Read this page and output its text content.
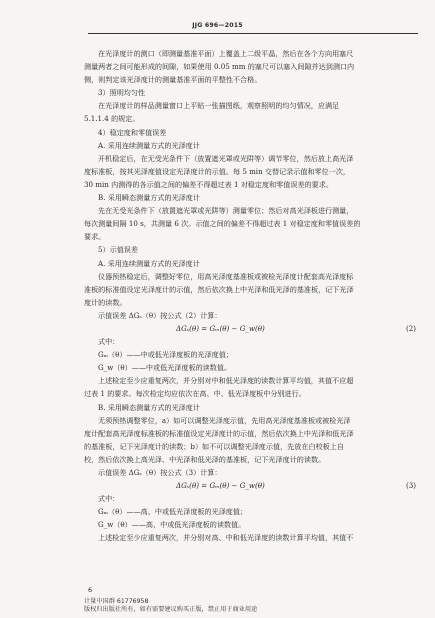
JJG 696—2015

在光泽度计的测口（即测量基准平面）上覆盖上二级平晶，然后在各个方向用塞尺

测量两者之间可能形成的间隙，如果使用 0.05 mm 的塞尺可以塞入间隙并达到测口内

侧，则判定该光泽度计的测量基准平面的平整性不合格。

3）照明均匀性

在光泽度计的样品测量窗口上平贴一张描图纸，观察照明的均匀情况，应满足

5.1.1.4 的规定。

4）稳定度和零值误差

A. 采用连续测量方式的光泽度计

开机稳定后，在无受光条件下（放置遮光罩或光阱等）调节零位，然后放上高光泽

度标准板，按其光泽度值设定光泽度计的示值。每 5 min 交替记录示值和零位一次，

30 min 内测得的各示值之间的偏差不得超过表 1 对稳定度和零值误差的要求。

B. 采用瞬态测量方式的光泽度计

先在无受光条件下（放置遮光罩或光阱等）测量零位；然后对高光泽板进行测量，

每次测量间隔 10 s，共测量 6 次。示值之间的偏差不得超过表 1 对稳定度和零值误差的

要求。

5）示值误差

A. 采用连续测量方式的光泽度计

仪器预热稳定后，调整好零位，用高光泽度基准板或被检光泽度计配套高光泽度标

准板的标准值设定光泽度计的示值，然后依次换上中光泽和低光泽的基准板，记下光泽

度计的读数。

示值误差 ΔGₛ（θ）按公式（2）计算：

ΔGₛ(θ) = Gₘ(θ) − G_w(θ)	(2)

式中：

Gₘ（θ）——中或低光泽度板的光泽度值；

G_w（θ）——中或低光泽度板的读数值。

上述检定至少应重复两次，并分别对中和低光泽度的读数计算平均值，其值不应超

过表 1 的要求。每次检定均应依次在高、中、低光泽度板中分别进行。

B. 采用瞬态测量方式的光泽度计

无须预热调整零位，a）如可以调整光泽度示值，先用高光泽度基准板或被检光泽

度计配套高光泽度标准板的标准值设定光泽度计的示值，然后依次换上中光泽和低光泽

的基准板，记下光泽度计的读数；b）如不可以调整光泽度示值，先放在白校板上自

校，然后依次换上高光泽、中光泽和低光泽的基准板，记下光泽度计的读数。

示值误差 ΔGₛ（θ）按公式（3）计算：

ΔGₛ(θ) = Gₘ(θ) − G_w(θ)	(3)

式中：

Gₘ（θ）——高、中或低光泽度板的光泽度值；

G_w（θ）——高、中或低光泽度板的读数值。

上述检定至少应重复两次，并分别对高、中和低光泽度的读数计算平均值，其值不

6

计量中国群 61776958

版权归出版社所有，如有需要建议购买正版，禁止用于商业用途
